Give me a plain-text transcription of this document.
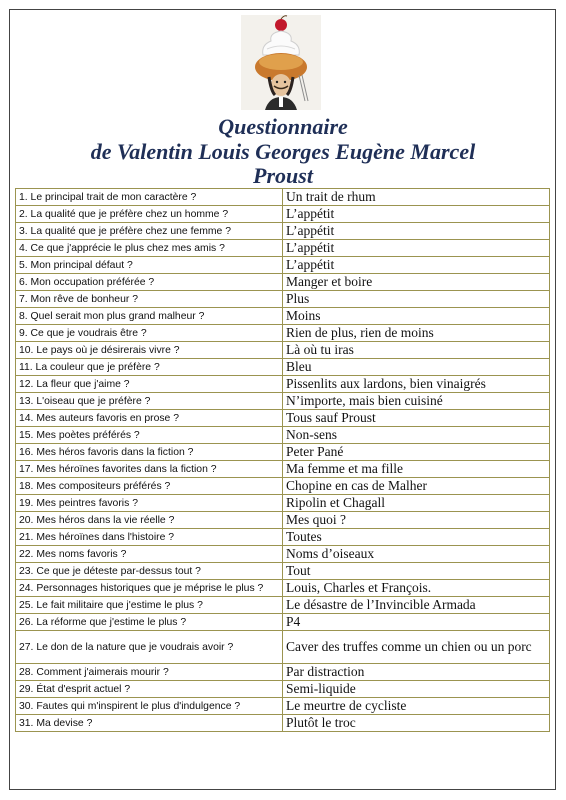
Questionnaire
de Valentin Louis Georges Eugène Marcel
Proust
1. Le principal trait de mon caractère ?	Un trait de rhum
2. La qualité que je préfère chez un homme ?	L’appétit
3. La qualité que je préfère chez une femme ?	L’appétit
4. Ce que j'apprécie le plus chez mes amis ?	L’appétit
5. Mon principal défaut ?	L’appétit
6. Mon occupation préférée ?	Manger et boire
7. Mon rêve de bonheur ?	Plus
8. Quel serait mon plus grand malheur ?	Moins
9. Ce que je voudrais être ?	Rien de plus, rien de moins
10. Le pays où je désirerais vivre ?	Là où tu iras
11. La couleur que je préfère ?	Bleu
12. La fleur que j'aime ?	Pissenlits aux lardons, bien vinaigrés
13. L'oiseau que je préfère ?	N’importe, mais bien cuisiné
14. Mes auteurs favoris en prose ?	Tous sauf Proust
15. Mes poètes préférés ?	Non-sens
16. Mes héros favoris dans la fiction ?	Peter Pané
17. Mes héroïnes favorites dans la fiction ?	Ma femme et ma fille
18. Mes compositeurs préférés ?	Chopine en cas de Malher
19. Mes peintres favoris ?	Ripolin et Chagall
20. Mes héros dans la vie réelle ?	Mes quoi ?
21. Mes héroïnes dans l'histoire ?	Toutes
22. Mes noms favoris ?	Noms d’oiseaux
23. Ce que je déteste par-dessus tout ?	Tout
24. Personnages historiques que je méprise le plus ?	Louis, Charles et François.
25. Le fait militaire que j'estime le plus ?	Le désastre de l’Invincible Armada
26. La réforme que j'estime le plus ?	P4
27. Le don de la nature que je voudrais avoir ?	Caver des truffes comme un chien ou un porc
28. Comment j'aimerais mourir ?	Par distraction
29. État d'esprit actuel ?	Semi-liquide
30. Fautes qui m'inspirent le plus d'indulgence ?	Le meurtre de cycliste
31. Ma devise ?	Plutôt le troc
